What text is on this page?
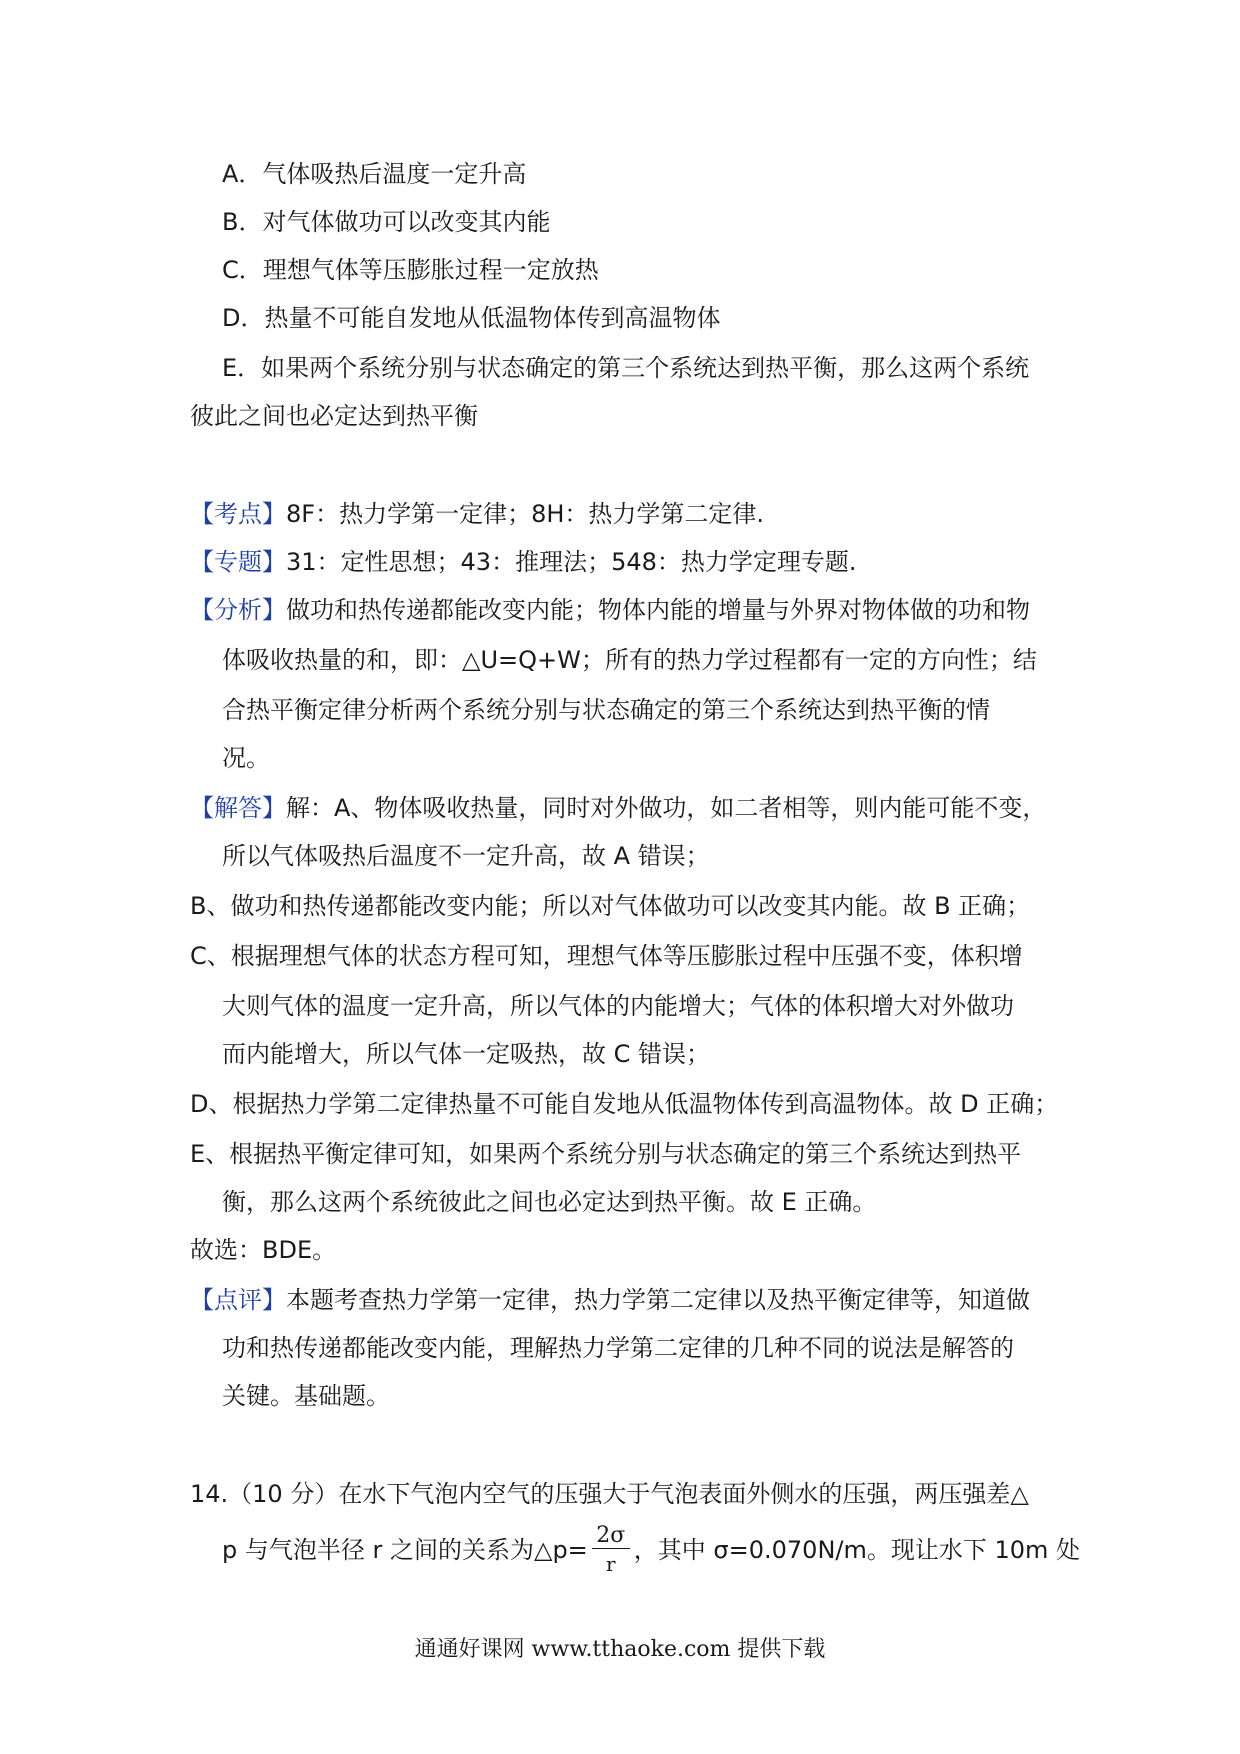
A．气体吸热后温度一定升高
B．对气体做功可以改变其内能
C．理想气体等压膨胀过程一定放热
D．热量不可能自发地从低温物体传到高温物体
E．如果两个系统分别与状态确定的第三个系统达到热平衡，那么这两个系统
彼此之间也必定达到热平衡
【考点】8F：热力学第一定律；8H：热力学第二定律.
【专题】31：定性思想；43：推理法；548：热力学定理专题.
【分析】做功和热传递都能改变内能；物体内能的增量与外界对物体做的功和物
体吸收热量的和，即：△U=Q+W；所有的热力学过程都有一定的方向性；结
合热平衡定律分析两个系统分别与状态确定的第三个系统达到热平衡的情
况。
【解答】解：A、物体吸收热量，同时对外做功，如二者相等，则内能可能不变，
所以气体吸热后温度不一定升高，故 A 错误；
B、做功和热传递都能改变内能；所以对气体做功可以改变其内能。故 B 正确；
C、根据理想气体的状态方程可知，理想气体等压膨胀过程中压强不变，体积增
大则气体的温度一定升高，所以气体的内能增大；气体的体积增大对外做功
而内能增大，所以气体一定吸热，故 C 错误；
D、根据热力学第二定律热量不可能自发地从低温物体传到高温物体。故 D 正确；
E、根据热平衡定律可知，如果两个系统分别与状态确定的第三个系统达到热平
衡，那么这两个系统彼此之间也必定达到热平衡。故 E 正确。
故选：BDE。
【点评】本题考查热力学第一定律，热力学第二定律以及热平衡定律等，知道做
功和热传递都能改变内能，理解热力学第二定律的几种不同的说法是解答的
关键。基础题。
14.（10 分）在水下气泡内空气的压强大于气泡表面外侧水的压强，两压强差△
p 与气泡半径 r 之间的关系为△p= $\frac{2\sigma}{r}$ ，其中 σ=0.070N/m。现让水下 10m 处
通通好课网 www.tthaoke.com 提供下载
